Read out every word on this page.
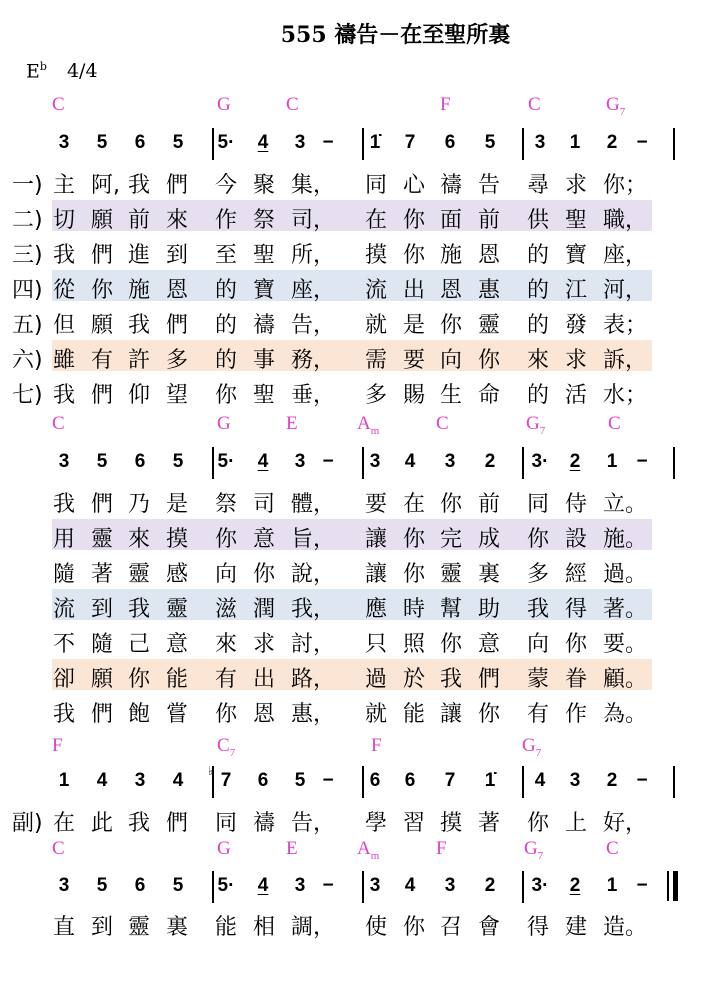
555 禱告－在至聖所裏
$E^b$ 4/4
C	G	C	F	C	$G_7$
3 5 6 5 5· 4 3 − 1̇ 7 6 5 3 1 2 −
一) 主 阿, 我 們 今 聚 集， 同 心 禱 告 尋 求 你；
二) 切 願 前 來 作 祭 司， 在 你 面 前 供 聖 職，
三) 我 們 進 到 至 聖 所， 摸 你 施 恩 的 寶 座，
四) 從 你 施 恩 的 寶 座， 流 出 恩 惠 的 江 河，
五) 但 願 我 們 的 禱 告， 就 是 你 靈 的 發 表；
六) 雖 有 許 多 的 事 務， 需 要 向 你 來 求 訴，
七) 我 們 仰 望 你 聖 垂， 多 賜 生 命 的 活 水；
C	G	E	$A_m$	C	$G_7$	C
3 5 6 5 5· 4 3 − 3 4 3 2 3· 2 1 −
我 們 乃 是 祭 司 體， 要 在 你 前 同 侍 立。
用 靈 來 摸 你 意 旨， 讓 你 完 成 你 設 施。
隨 著 靈 感 向 你 說， 讓 你 靈 裏 多 經 過。
流 到 我 靈 滋 潤 我， 應 時 幫 助 我 得 著。
不 隨 己 意 來 求 討， 只 照 你 意 向 你 要。
卻 願 你 能 有 出 路， 過 於 我 們 蒙 眷 顧。
我 們 飽 嘗 你 恩 惠， 就 能 讓 你 有 作 為。
F	$C_7$	F	$G_7$
1 4 3 4 7
♭ 6 5 − 6 6 7 1̇ 4 3 2 −
副) 在 此 我 們 同 禱 告， 學 習 摸 著 你 上 好，
C	G	E	$A_m$	F	$G_7$	C
3 5 6 5 5· 4 3 − 3 4 3 2 3· 2 1 −
直 到 靈 裏 能 相 調， 使 你 召 會 得 建 造。
